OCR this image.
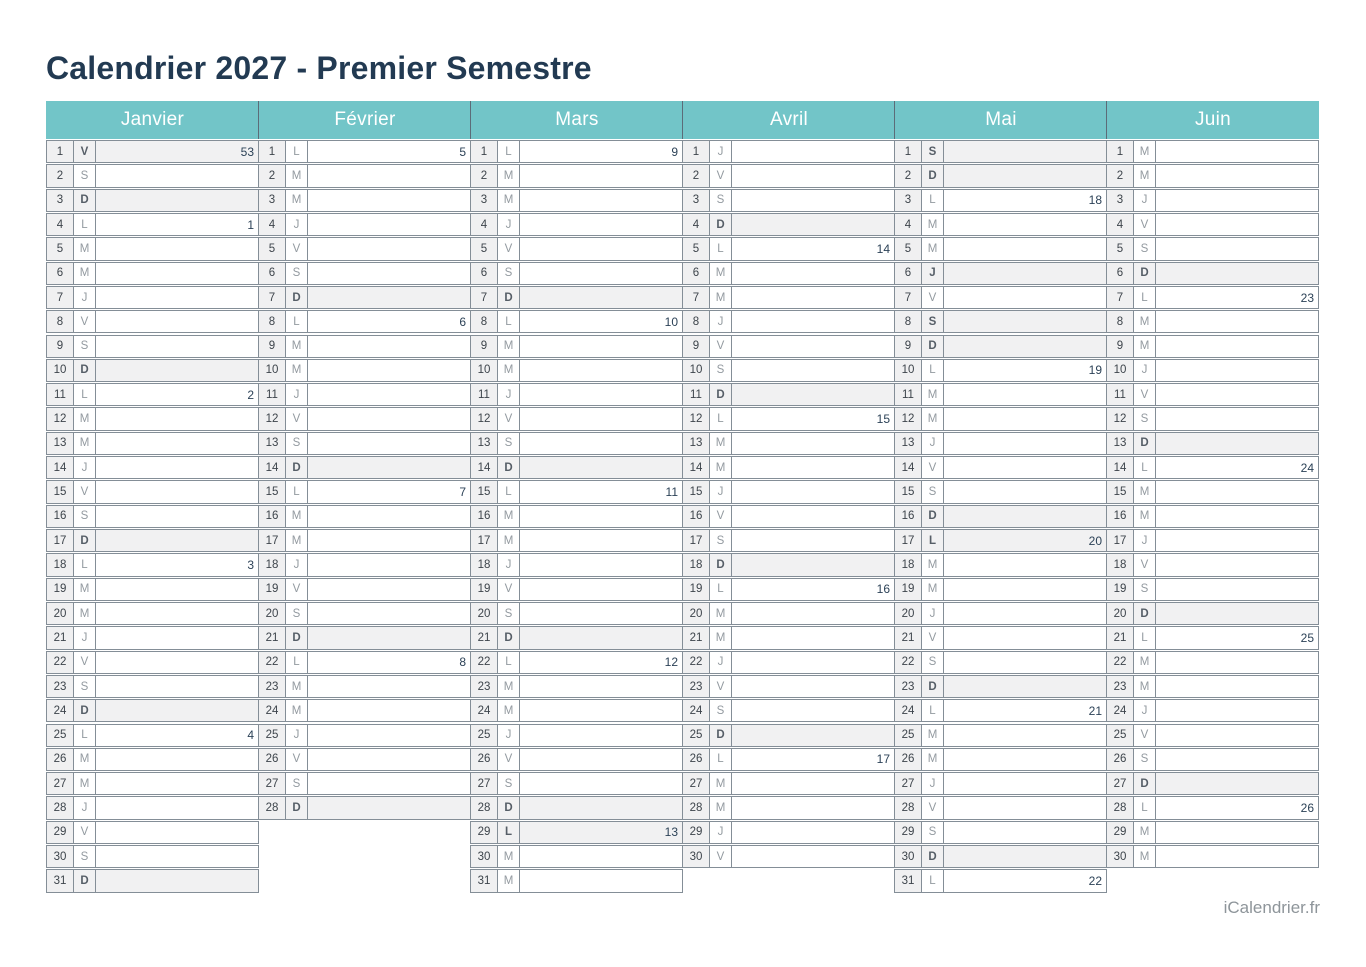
Calendrier 2027 - Premier Semestre
Janvier
1	V	53
2	S
3	D
4	L	1
5	M
6	M
7	J
8	V
9	S
10	D
11	L	2
12	M
13	M
14	J
15	V
16	S
17	D
18	L	3
19	M
20	M
21	J
22	V
23	S
24	D
25	L	4
26	M
27	M
28	J
29	V
30	S
31	D
Février
1	L	5
2	M
3	M
4	J
5	V
6	S
7	D
8	L	6
9	M
10	M
11	J
12	V
13	S
14	D
15	L	7
16	M
17	M
18	J
19	V
20	S
21	D
22	L	8
23	M
24	M
25	J
26	V
27	S
28	D
Mars
1	L	9
2	M
3	M
4	J
5	V
6	S
7	D
8	L	10
9	M
10	M
11	J
12	V
13	S
14	D
15	L	11
16	M
17	M
18	J
19	V
20	S
21	D
22	L	12
23	M
24	M
25	J
26	V
27	S
28	D
29	L	13
30	M
31	M
Avril
1	J
2	V
3	S
4	D
5	L	14
6	M
7	M
8	J
9	V
10	S
11	D
12	L	15
13	M
14	M
15	J
16	V
17	S
18	D
19	L	16
20	M
21	M
22	J
23	V
24	S
25	D
26	L	17
27	M
28	M
29	J
30	V
Mai
1	S
2	D
3	L	18
4	M
5	M
6	J
7	V
8	S
9	D
10	L	19
11	M
12	M
13	J
14	V
15	S
16	D
17	L	20
18	M
19	M
20	J
21	V
22	S
23	D
24	L	21
25	M
26	M
27	J
28	V
29	S
30	D
31	L	22
Juin
1	M
2	M
3	J
4	V
5	S
6	D
7	L	23
8	M
9	M
10	J
11	V
12	S
13	D
14	L	24
15	M
16	M
17	J
18	V
19	S
20	D
21	L	25
22	M
23	M
24	J
25	V
26	S
27	D
28	L	26
29	M
30	M
iCalendrier.fr
